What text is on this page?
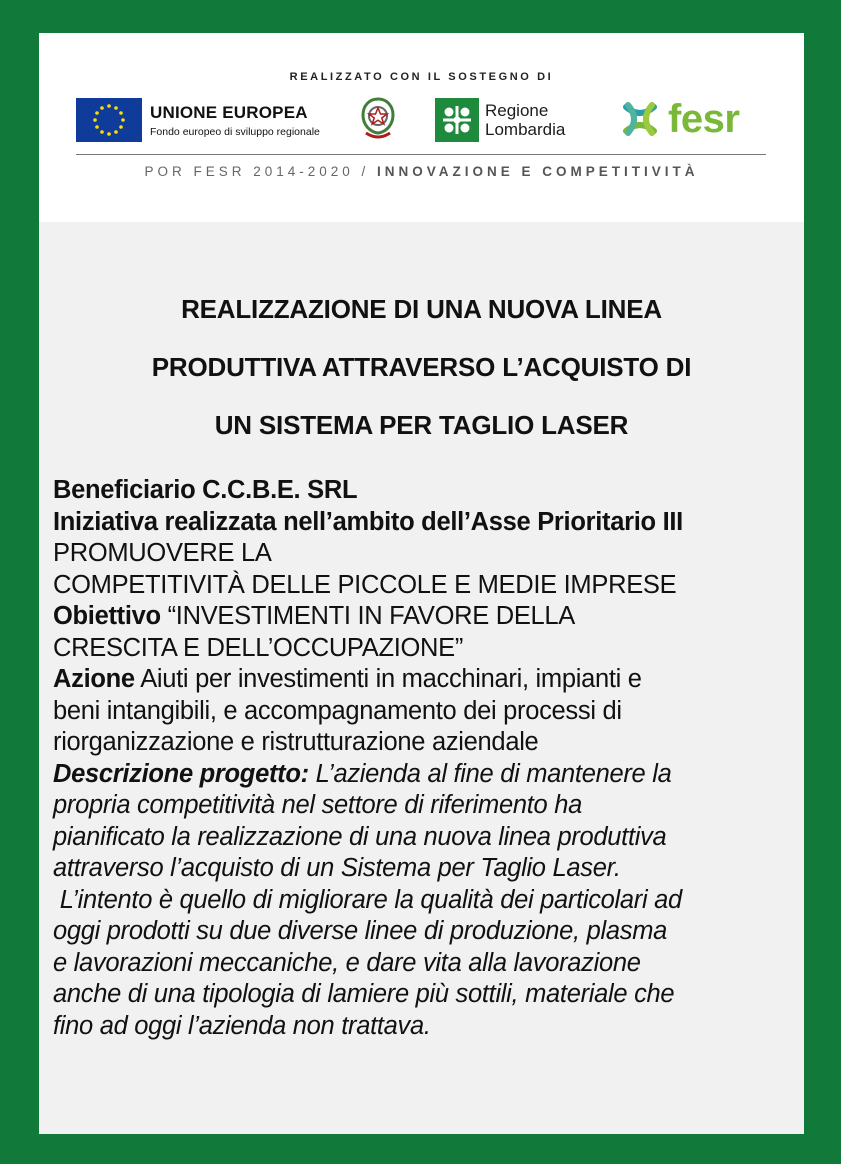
REALIZZATO CON IL SOSTEGNO DI
UNIONE EUROPEA
Fondo europeo di sviluppo regionale
Regione
Lombardia	fesr
POR FESR 2014-2020 / INNOVAZIONE E COMPETITIVITÀ
REALIZZAZIONE DI UNA NUOVA LINEA
PRODUTTIVA ATTRAVERSO L’ACQUISTO DI
UN SISTEMA PER TAGLIO LASER

Beneficiario C.C.B.E. SRL

Iniziativa realizzata nell’ambito dell’Asse Prioritario III

PROMUOVERE LA

COMPETITIVITÀ DELLE PICCOLE E MEDIE IMPRESE

Obiettivo “INVESTIMENTI IN FAVORE DELLA

CRESCITA E DELL’OCCUPAZIONE”

Azione Aiuti per investimenti in macchinari, impianti e

beni intangibili, e accompagnamento dei processi di

riorganizzazione e ristrutturazione aziendale

Descrizione progetto: L’azienda al fine di mantenere la

propria competitività nel settore di riferimento ha

pianificato la realizzazione di una nuova linea produttiva

attraverso l’acquisto di un Sistema per Taglio Laser.

L’intento è quello di migliorare la qualità dei particolari ad

oggi prodotti su due diverse linee di produzione, plasma

e lavorazioni meccaniche, e dare vita alla lavorazione

anche di una tipologia di lamiere più sottili, materiale che

fino ad oggi l’azienda non trattava.
